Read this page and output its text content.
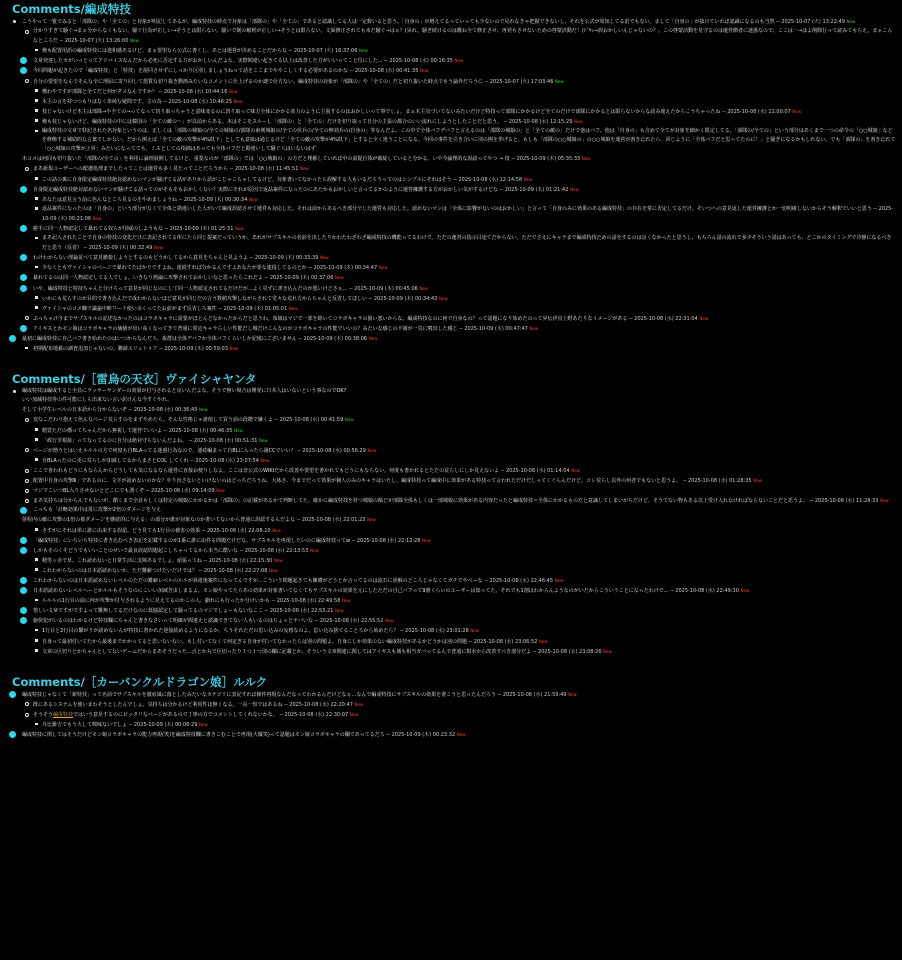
Comments/編成特技
こうやって一覧でみると「部隊の」や「全ての」と対象が明記してあるが、編成特技の時点で対象は「部隊の」や「全ての」であると認識してる人は一定数いると思う。「自身の」が増えてるっていっても少ないので見れなきゃ把握できないし、それを公式が周知してる訳でもない。まして「自身の」が抜けていれば認識になるのも当然 -- 2025-10-07 (火) 13:22:49 New
分かりすぎて騒ぐ→まぁ分からなくもない。騒ぐ行為が正しい→そうとは限らない。騒いで制の解釈が正しい→そうとは限らない。文面修正されても未だ騒ぐ→はぁ？(呆れ。騒ぎ続けるのは概ね全て修正させ、再発もさせないための啓蒙活動だ！(ﾄﾞﾔｯ→誤おかしいんじゃないの？。この啓蒙活動を見守るのは運営側者に迷惑なので、ここは一→はよ削除行って読みてもらえ。まぁこんなところだ -- 2025-10-07 (火) 13:26:00 New
俺も配置用語の編成特技には違和感あるけど、まぁ要望なら公式に書くし、あとは運営が決めることだからな -- 2025-10-07 (火) 16:37:06 New
文章発達したカがいっとってアドバイスなんだから必死に否定する方がおかしいんだよな。実際間違い起きてる以上は改善した方がいいってこと位にした... -- 2025-10-08 (水) 00:16:35 New
今回問題が起きたので「編成特技」と「特技」を混同させずにしっかり区別しましょうねって話をここまでややこしくする必要があるのかな -- 2025-10-08 (水) 00:41:35 New
自分の要望をなんでそんな全に理屈に寄り回して悪質な切り抜き動画みたいなコメントに仕上げるのか謎で仕方ない。編成特技の対象が「部隊の」や「全ての」だと切り抜いた時点でもう論外だろうに -- 2025-10-07 (火) 17:03:46 New
構わやですが部隊と全てだと何がダメなんですか？ -- 2025-10-08 (水) 10:44:16 New
木主の言を持つつもりはなく単純な疑問です。主の為 -- 2025-10-08 (水) 10:46:25 New
枝じゃないけど木主は部隊→や全ての→ってなって切り取っちゃうと意味変るのに切り取って味方全体にかかる効力のように主張するのはおかしいって事でしょ。まぁ木主気づいてないみたいだけど特技って部隊にかかるけど全てのだけで部隊にかかるとは限らないからな読み違えたからこうちゃったね -- 2025-10-08 (水) 11:00:07 New
俺も枝じゃないけど、編成特技の中には韓国の「全ての敵の～」が以前からある。木はそこをスルーし「部隊の」と「全ての」だけを切り取って自分の主張の都合のいい流れにしようとしたことだと思う。 -- 2025-10-08 (水) 12:15:29 New
編成特技の文章で特記された名対象というのは、正しくは「部隊の城娘の/全ての城娘の/部隊の東剣城娘の/全ての伏兵の/全ての無効兵の/自身の」等なんだよ。この中で全体バフデバフと言えるのは「部隊の城娘の」と「全ての敵の」だけで他はバフ。他は「自身の」も含めて全てが対象を細かく限定してる。「部隊の/全ての」という部分はあくまで一つの命令の「○○城娘」などを修飾する補助的な言葉でしかない。だから例えば「全ての敵の攻撃が4%低下」としても意味は通じるけど「全ての敵の攻撃が4%低下」とすると全く違うことになる。今回の事件を引き合いに別の例を挙げると、もしも「部隊の○○城娘の」の○○城娘を運営が書き忘れたら、同じように「全体バフだと思ってたのに！」と騒ぎになるかもしれない。でも「部隊の」を書き忘れて「○○城娘の攻撃が上昇」みたいになってても、ミスとしての指摘はあっても全体バフだと勘違いして騒ぐ人はいないはず
木コメは何回も切り抜いた「部隊の/全ての」を利用に論理展開してるけど、重要なのが「部隊の」では「○○城娘の」の方だと理解していれば中の前提自体が破綻していると分かる。いや今論理的な誤読ってやつ → 枝 -- 2025-10-09 (木) 05:35:33 New
まあ新規ユーザーへの配慮処理までしたってことは運営も多く見たってことだろうから -- 2025-10-08 (水) 11:45:51 New
この話の裏に自身限定編成特技絶対認めないマンが騒げてる話がありから話がこじゃこちゃしてるけど、対象書いてなかったら誤解する人もいるだろうってのはシンプルにそれはそう -- 2025-10-08 (水) 12:14:58 New
自身限定編成特技絶対認めないマンが騒げてる話ってのがそもそもおかしくない？実際にそれが原因で返品案件になったのにあたかもおかしいと言ってるかのように運営擁護する方がおかしい気がするけどな -- 2025-10-09 (木) 01:21:42 New
あなたは意見言う前に色んなところ見るのをやめましょうね -- 2025-10-09 (木) 00:30:34 New
返品案件になったのは「自身の」という部分がなくて全体と勘違いした人がいて編成誤認させて運営も対応した。それは前からあるべき部分でした運営も対応した。認めないマンは「全体に影響がないのはおかしい」と言って「自身のみに効果のある編成特技」の存在を常に否定してるだけ。そいつへの意見返した運営擁護とか一切明確しないからそう解釈でいいと思う -- 2025-10-09 (木) 00:21:06 New
勝手に同一人物認定して暴れてる奴らが国威のしようもな -- 2025-10-09 (木) 01:25:31 New
まあ記入されたことで自身の特技の変化だけに表記されてる所にたら同じ提案だっていうか、あれがサプスキルの名前を出したりかわたわざわざ編成特技の機能ってるわけで。ただの運営の指示目途てだからない。ただでさえにキャラまで編成特技ための話をするのは良くなかったと思うし、もちろん話の流れで多少そういう話はあっても、どこかのタイミングで冷静になるべきだと思う（反省） -- 2025-10-09 (木) 00:32:49 New
わけわからない理論並べて意見撤殺しようとするのもどうかしてるから意見をちゃんと見ようよ -- 2025-10-09 (木) 00:33:39 New
少なくともヴァイシャのページで暴れてたばかりですよね。連続すれば分かるんですよあなたが要な連投してるのとか -- 2025-10-09 (木) 00:34:47 New
暴れてるのは同一人物認定してる人でしょ。いきなり熱論に攻撃されておかしいなと思ったらこれだよ -- 2025-10-09 (木) 00:37:06 New
いや、編成特技と特技ちゃんと分けろって意見が同じなのにして同一人物認定されてるだけだが...よく見ずに書き込んだのが悪いけどさぁ... -- 2025-10-09 (木) 00:45:06 New
いかにも荒らすのが目的で書き込んだで成わからないほど意見が同じだの言う数値攻撃しながらされて堂々な荒れ方からちゃんと反省してほしい -- 2025-10-09 (木) 00:34:42 New
ヴァイシャのコメ欄で議論中断ワード使い余くってたお前がまず反省しろ案件 -- 2025-10-09 (木) 01:05:01 New
ぶっちゃけ今までサプスキルの記述なかったのはコラボキャラに需要がほとんどなかったからだと思うわ。領域はマジで一部を除いてコラボキャラの扱い悪いからな。編成特技なのに何で自身なの？って話題になり始めたのって昇伝伊貢上野あたりなイメージがある -- 2025-10-08 (水) 22:31:04 New
アイギスとかモン娘はコラボキャラの価値が出い高くなってきて普通に常定キャラらしい性能だし城だけこんなのがコラボキャラの性能でいいの？みたいな感じの不満が一気に噴出した感じ -- 2025-10-09 (木) 00:47:47 New
最初に編成特技に自己バフ書き始めたのはいつからなんだろ。抜群は全体デバフか全体バフくらいしか記憶にございません -- 2025-10-09 (木) 00:38:06 New
初期配布地獄の調査追加じゃないの。聯錆エリュトゥア -- 2025-10-09 (木) 00:59:03 New
Comments/［雷烏の天衣］ヴァイシャヤンタ
編成特技は編成すると全員にラッサーサンダーの効果が付与されると良いんだよな。そうで無い場合は開発に日本人はいないという事なのでOK?
いい加減特技等の件可能にしら出来ない言い訳けんな今すぐやれ。
そして小学生レベルの日本語から分からないぞ -- 2025-10-08 (水) 00:36:45 New
変なこだわり抱えて色んなページ荒らすのをまずやめたら。そんな性格じゃ誰他して買う前の段階で嫌くよ -- 2025-10-08 (水) 00:41:59 New
精霊ただの構ってちゃんだから無視して運営でいいよ -- 2025-10-08 (水) 00:46:35 New
「政行非根接」ってなってるのに自分は絶対守らないんだよね。 -- 2025-10-08 (水) 00:51:31 New
ページが増うとはいえルルルの方で何度も自BLAってる迷惑行為なので、連続編まって自BLに入ったら副CCでいい？ -- 2025-10-08 (水) 00:56:29 New
自BLAったのに更に荒らしが加減してるからまさとCOL してくれ -- 2025-10-08 (水) 23:07:54 New
ここで喜われもどうにもならんからどうしても気になるなら運営に直接お便りしなよ。ここは非公式のWIKIだから改善や要望を書かれてもどうにもならない。何度も書かれるとただの荒らしにしか見えないよ -- 2025-10-08 (水) 01:14:04 New
配置中自身の攻撃Ⅲ」であるのに、文字が読めないのかな？やり直さないといけないのはどっちだろうね。大体さ、今までだって効果が個人のみのキャラはいたし、編成特技って編成中に効果がある特技って言われただけだしってくぐらんだけど。コレ荒らし以外の何者でもないと思うよ。 -- 2025-10-08 (水) 01:28:35 New
マジでこいつBL入りさせないとどこにでも湧くぞ -- 2025-10-08 (水) 09:14:09 New
まあ気持ちは分からんでもないが、酷くまで全員もしくは特定の城娘にかかるかは「部隊の」の記載があるかで判断してた。確かに編成特技を持つ城娘の陥どが部隊全体もしくは一部城娘に効果がある内容だったと編成特技＝全体にかかるものだと意識してしまいがちだけど、そうでない物もある以上受け入れなければならないことだと思うよ。 -- 2025-10-08 (水) 11:28:33 New
こっちも「計略効果中は常に攻撃が2倍のダメージを与え
射程内の敵に攻撃の1倍の被ダメージを継続的に与える」の部分が誰が対象なのか書いてないから普通に誤認するんだよな -- 2025-10-08 (水) 22:01:23 New
さすがにそれは単に誰に由来する誤認。どう見ても1行目の被害の効果 -- 2025-10-08 (水) 22:08:10 New
「編成特技」にいちいち特技に書き込むべき表記を記載するのが1番に誰に由件る問題だけだな。サブスキルを再現したいのに編成特技ってw -- 2025-10-08 (水) 22:12:28 New
しかもそのくそどうでもいいことのせいで最良誤認問題起こしちゃってるから本当に酷いな -- 2025-10-08 (水) 22:13:53 New
精男ぅ赤で草。これ読めないと日常生活に支障あるでしょ。頑張ってね -- 2025-10-08 (水) 22:15:30 New
これわからないのは日本語読めないか、ただ難癖つけたいだけでは？ -- 2025-10-08 (水) 22:27:08 New
これわからないのは日本語読めないレベルのただの難癖レベルのルルが斜違後案件になってんですが...こういう問題起きても擁護がどうとか言ってるのは流石に誤解のどころじゃなくてガチでやべーな -- 2025-10-08 (水) 22:46:45 New
日本語読めないレベルへーとかルルもそうなのにこいい加減苦虫しまるよ。モン娘やってたらあの効果が対象書いてなくてもサブスキルの効果を元にしたただの自己バフって9割くらいのユーザーは知ってた、それでも1割はわからんようなのがいたからこういうことになったわけで... -- 2025-10-08 (水) 22:49:30 New
ルルルの1行目の前に何が攻撃が付与されるように見えてるのかこの人、劇れにも行ったか分けいかも -- 2025-10-08 (水) 22:49:58 New
惜しい文章ですがですよって難無してるだけなのに低脳認定して騒ってるのマジでしょーもないなここ -- 2025-10-08 (水) 22:53:21 New
愉快犯がいるのはわかるけど特技欄にちゃんと書きなさいって明確が間違えと認識できてない人もいるのはちょっとヤバいな -- 2025-10-08 (水) 22:55:52 New
1行目と2行目の繋がりが読めないんが特技に書かれた逆接続めるようになるか。ちうそれただの思い込みの妄想なのよ。思い込み捨てることろから始めたら？ -- 2025-10-08 (水) 23:01:28 New
自身って最初付いてたから最後までかかってると思いないない。もし付いてなくて何定ぎる自身が付いてなかったらは別の問題よ。自身にしか効果のない編成特技があるかどうかは別の問題 -- 2025-10-08 (水) 23:06:52 New
文章の区切りとかちゃんとしてないゲームだからまあそうだった...点とか丸で区切ったり１つ１つ別の欄に記載とか、そういう文章関連に関してはアイギスも城も相当ガバってるんで普通に根本から改善すべき部分だよ -- 2025-10-08 (水) 23:08:26 New
Comments/［カーバンクルドラゴン娘］ルルク
編成特技じゃなくて「新特技」って名前でサブスキルを徹底風に落としたみたいなカテゴリに表記すれば操作再現なんだなってわかるんだけどなぁ...なんで編成特技にサブスキルの効果を書こうと思ったんだろう -- 2025-10-08 (水) 21:59:49 New
既にあるシステムを使いまわそうとしたんでしょ。気持ちは分かるけど利用性は無くなる、一長一短ではあるね -- 2025-10-08 (水) 22:20:47 New
そうそう編成特技ではいう意見するのにピッタリなページがあるので丁寧の方でコメントしてくれないかな。 -- 2025-10-08 (水) 22:30:07 New
丹比雑吉でもう大して興味ないでしょ -- 2025-10-09 (木) 00:08:29 New
編成特技に関してはそうだけどモン娘コラボキャラの能力再現(笑)を編成特技欄に書きこむことで再現(大爆笑)って話題はモン娘コラボキャラの欄であってるだろ -- 2025-10-09 (木) 00:23:32 New
